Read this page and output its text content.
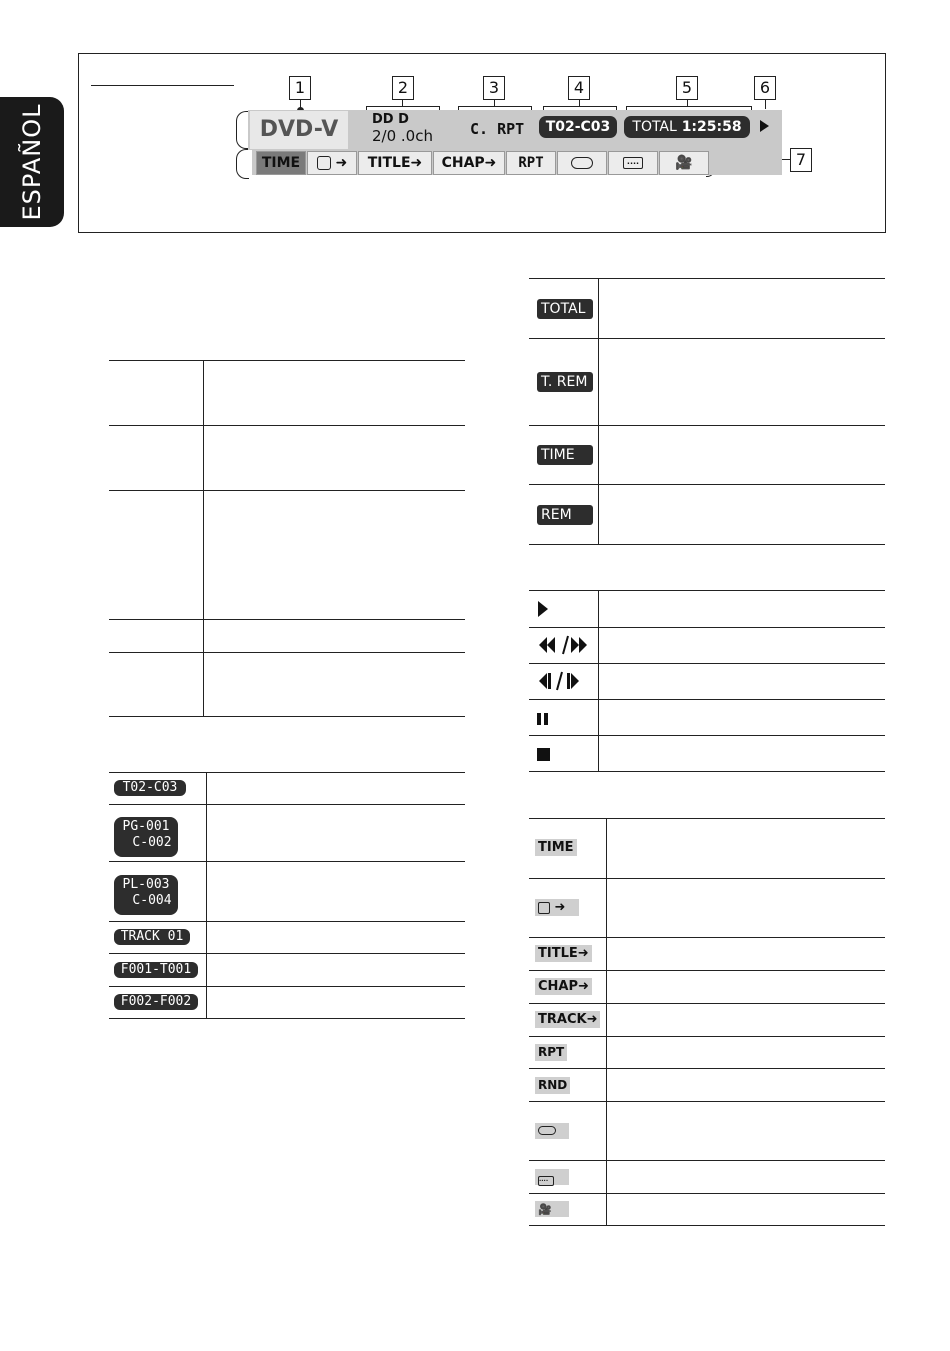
ESPAÑOL
1	2	3	4	5	6
7
DVD-V	DD D
2/0 .0ch C. RPT	T02-C03	TOTAL 1:25:58
TIME	➜	TITLE➜	CHAP➜	RPT	....	🎥
T02-C03
PG-001
C-002
PL-003
C-004
TRACK 01
F001-T001
F002-F002
TOTAL
T. REM
TIME
REM
TIME
➜
TITLE➜
CHAP➜
TRACK➜
RPT
RND
....
🎥
